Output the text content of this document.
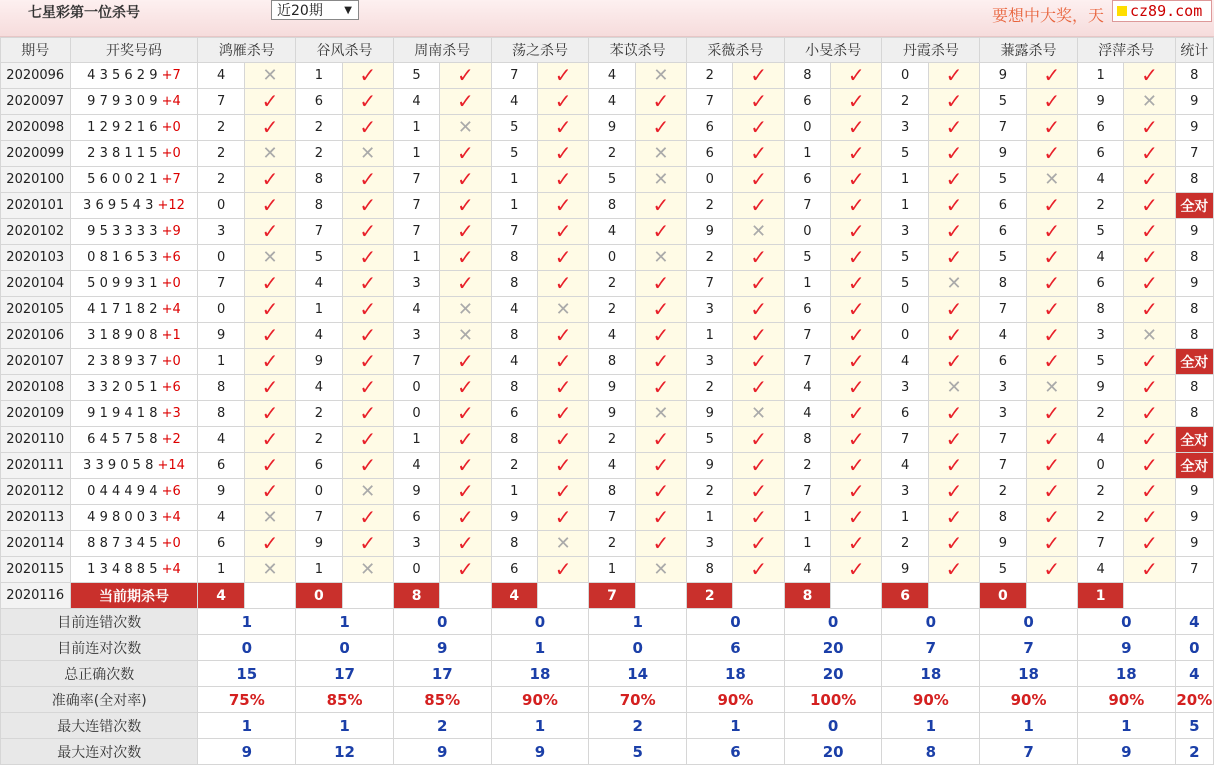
七星彩第一位杀号	近20期 ▼	要想中大奖，天	cz89.com
期号	开奖号码	鸿雁杀号		谷风杀号		周南杀号		荡之杀号		苯苡杀号		采薇杀号		小旻杀号		丹霞杀号		蒹露杀号		浮萍杀号		统计
2020096	4 3 5 6 2 9 +7	4	✕	1	✓	5	✓	7	✓	4	✕	2	✓	8	✓	0	✓	9	✓	1	✓	8
2020097	9 7 9 3 0 9 +4	7	✓	6	✓	4	✓	4	✓	4	✓	7	✓	6	✓	2	✓	5	✓	9	✕	9
2020098	1 2 9 2 1 6 +0	2	✓	2	✓	1	✕	5	✓	9	✓	6	✓	0	✓	3	✓	7	✓	6	✓	9
2020099	2 3 8 1 1 5 +0	2	✕	2	✕	1	✓	5	✓	2	✕	6	✓	1	✓	5	✓	9	✓	6	✓	7
2020100	5 6 0 0 2 1 +7	2	✓	8	✓	7	✓	1	✓	5	✕	0	✓	6	✓	1	✓	5	✕	4	✓	8
2020101	3 6 9 5 4 3 +12	0	✓	8	✓	7	✓	1	✓	8	✓	2	✓	7	✓	1	✓	6	✓	2	✓	全对
2020102	9 5 3 3 3 3 +9	3	✓	7	✓	7	✓	7	✓	4	✓	9	✕	0	✓	3	✓	6	✓	5	✓	9
2020103	0 8 1 6 5 3 +6	0	✕	5	✓	1	✓	8	✓	0	✕	2	✓	5	✓	5	✓	5	✓	4	✓	8
2020104	5 0 9 9 3 1 +0	7	✓	4	✓	3	✓	8	✓	2	✓	7	✓	1	✓	5	✕	8	✓	6	✓	9
2020105	4 1 7 1 8 2 +4	0	✓	1	✓	4	✕	4	✕	2	✓	3	✓	6	✓	0	✓	7	✓	8	✓	8
2020106	3 1 8 9 0 8 +1	9	✓	4	✓	3	✕	8	✓	4	✓	1	✓	7	✓	0	✓	4	✓	3	✕	8
2020107	2 3 8 9 3 7 +0	1	✓	9	✓	7	✓	4	✓	8	✓	3	✓	7	✓	4	✓	6	✓	5	✓	全对
2020108	3 3 2 0 5 1 +6	8	✓	4	✓	0	✓	8	✓	9	✓	2	✓	4	✓	3	✕	3	✕	9	✓	8
2020109	9 1 9 4 1 8 +3	8	✓	2	✓	0	✓	6	✓	9	✕	9	✕	4	✓	6	✓	3	✓	2	✓	8
2020110	6 4 5 7 5 8 +2	4	✓	2	✓	1	✓	8	✓	2	✓	5	✓	8	✓	7	✓	7	✓	4	✓	全对
2020111	3 3 9 0 5 8 +14	6	✓	6	✓	4	✓	2	✓	4	✓	9	✓	2	✓	4	✓	7	✓	0	✓	全对
2020112	0 4 4 4 9 4 +6	9	✓	0	✕	9	✓	1	✓	8	✓	2	✓	7	✓	3	✓	2	✓	2	✓	9
2020113	4 9 8 0 0 3 +4	4	✕	7	✓	6	✓	9	✓	7	✓	1	✓	1	✓	1	✓	8	✓	2	✓	9
2020114	8 8 7 3 4 5 +0	6	✓	9	✓	3	✓	8	✕	2	✓	3	✓	1	✓	2	✓	9	✓	7	✓	9
2020115	1 3 4 8 8 5 +4	1	✕	1	✕	0	✓	6	✓	1	✕	8	✓	4	✓	9	✓	5	✓	4	✓	7
2020116	当前期杀号	4		0		8		4		7		2		8		6		0		1		
目前连错次数		1		1		0		0		1		0		0		0		0		0		4
目前连对次数		0		0		9		1		0		6		20		7		7		9		0
总正确次数		15		17		17		18		14		18		20		18		18		18		4
准确率(全对率)		75%		85%		85%		90%		70%		90%		100%		90%		90%		90%		20%
最大连错次数		1		1		2		1		2		1		0		1		1		1		5
最大连对次数		9		12		9		9		5		6		20		8		7		9		2
